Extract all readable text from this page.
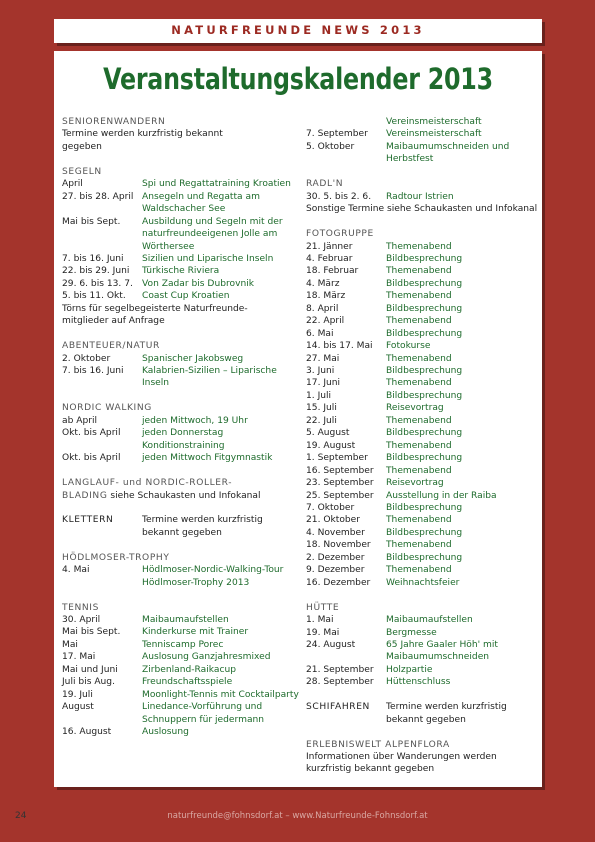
NATURFREUNDE NEWS 2013
Veranstaltungskalender 2013
SENIORENWANDERN
Termine werden kurzfristig bekannt gegeben
SEGELN
April	Spi und Regattatraining Kroatien
27. bis 28. April Ansegeln und Regatta am Waldschacher See
Mai bis Sept.	Ausbildung und Segeln mit der naturfreundeeigenen Jolle am Wörthersee
7. bis 16. Juni	Sizilien und Liparische Inseln
22. bis 29. Juni	Türkische Riviera
29. 6. bis 13. 7.	Von Zadar bis Dubrovnik
5. bis 11. Okt.	Coast Cup Kroatien
Törns für segelbegeisterte Naturfreunde-mitglieder auf Anfrage
ABENTEUER/NATUR
2. Oktober	Spanischer Jakobsweg
7. bis 16. Juni	Kalabrien-Sizilien – Liparische Inseln
NORDIC WALKING
ab April	jeden Mittwoch, 19 Uhr
Okt. bis April	jeden Donnerstag Konditionstraining
Okt. bis April	jeden Mittwoch Fitgymnastik
LANGLAUF- und NORDIC-ROLLER-
BLADING siehe Schaukasten und Infokanal
KLETTERN	Termine werden kurzfristig bekannt gegeben
HÖDLMOSER-TROPHY
4. Mai	Hödlmoser-Nordic-Walking-Tour
Hödlmoser-Trophy 2013
TENNIS
30. April	Maibaumaufstellen
Mai bis Sept.	Kinderkurse mit Trainer
Mai	Tenniscamp Porec
17. Mai	Auslosung Ganzjahresmixed
Mai und Juni	Zirbenland-Raikacup
Juli bis Aug.	Freundschaftsspiele
19. Juli	Moonlight-Tennis mit Cocktailparty
August	Linedance-Vorführung und Schnuppern für jedermann
16. August	Auslosung
Vereinsmeisterschaft
7. September	Vereinsmeisterschaft
5. Oktober	Maibaumumschneiden und Herbstfest
RADL'N
30. 5. bis 2. 6.	Radtour Istrien
Sonstige Termine siehe Schaukasten und Infokanal
FOTOGRUPPE
21. Jänner	Themenabend
4. Februar	Bildbesprechung
18. Februar	Themenabend
4. März	Bildbesprechung
18. März	Themenabend
8. April	Bildbesprechung
22. April	Themenabend
6. Mai	Bildbesprechung
14. bis 17. Mai	Fotokurse
27. Mai	Themenabend
3. Juni	Bildbesprechung
17. Juni	Themenabend
1. Juli	Bildbesprechung
15. Juli	Reisevortrag
22. Juli	Themenabend
5. August	Bildbesprechung
19. August	Themenabend
1. September	Bildbesprechung
16. September	Themenabend
23. September	Reisevortrag
25. September	Ausstellung in der Raiba
7. Oktober	Bildbesprechung
21. Oktober	Themenabend
4. November	Bildbesprechung
18. November	Themenabend
2. Dezember	Bildbesprechung
9. Dezember	Themenabend
16. Dezember	Weihnachtsfeier
HÜTTE
1. Mai	Maibaumaufstellen
19. Mai	Bergmesse
24. August	65 Jahre Gaaler Höh' mit Maibaumumschneiden
21. September	Holzpartie
28. September	Hüttenschluss
SCHIFAHREN	Termine werden kurzfristig bekannt gegeben
ERLEBNISWELT ALPENFLORA
Informationen über Wanderungen werden kurzfristig bekannt gegeben
24	naturfreunde@fohnsdorf.at – www.Naturfreunde-Fohnsdorf.at
